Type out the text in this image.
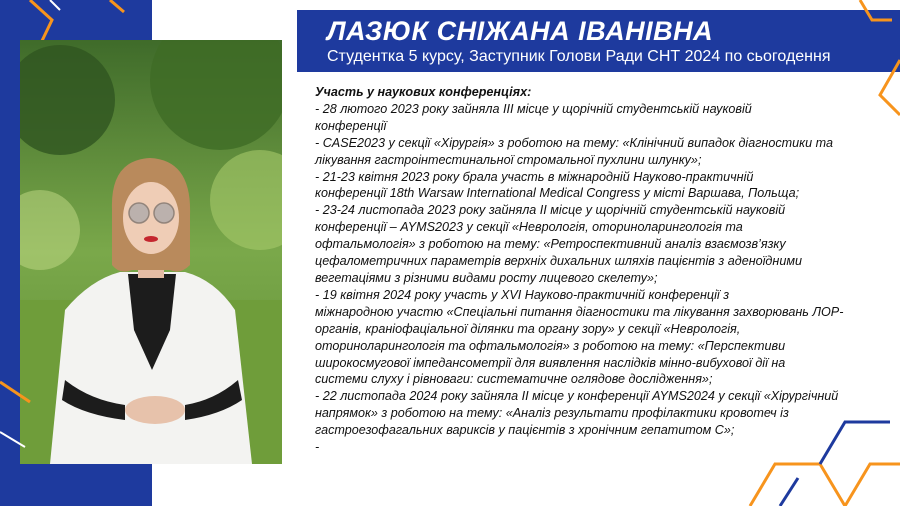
ЛАЗЮК СНІЖАНА ІВАНІВНА
Студентка 5 курсу, Заступник Голови Ради СНТ 2024 по сьогодення
Участь у наукових конференціях:
- 28 лютого 2023 року зайняла ІІІ місце у щорічній студентській науковій
конференції
- CASE2023 у секції «Хірургія» з роботою на тему: «Клінічний випадок діагностики та
лікування гастроінтестинальної стромальної пухлини шлунку»;
- 21-23 квітня 2023 року брала участь в міжнародній Науково-практичній
конференції 18th Warsaw International Medical Congress у місті Варшава, Польща;
- 23-24 листопада 2023 року зайняла ІІ місце у щорічній студентській науковій
конференції – AYMS2023 у секції «Неврологія, оториноларингологія та
офтальмологія» з роботою на тему: «Ретроспективний аналіз взаємозв’язку
цефалометричних параметрів верхніх дихальних шляхів пацієнтів з аденоїдними
вегетаціями з різними видами росту лицевого скелету»;
- 19 квітня 2024 року участь у XVI Науково-практичній конференції з
міжнародною участю «Спеціальні питання діагностики та лікування захворювань ЛОР-
органів, краніофаціальної ділянки та органу зору» у секції «Неврологія,
оториноларингологія та офтальмологія» з роботою на тему: «Перспективи
широкосмугової імпедансометрії для виявлення наслідків мінно-вибухової дії на
системи слуху і рівноваги: систематичне оглядове дослідження»;
- 22 листопада 2024 року зайняла ІІ місце у конференції AYMS2024 у секції «Хірургічний
напрямок» з роботою на тему: «Аналіз результати профілактики кровотеч із
гастроезофагальних вариксів у пацієнтів з хронічним гепатитом С»;
-
